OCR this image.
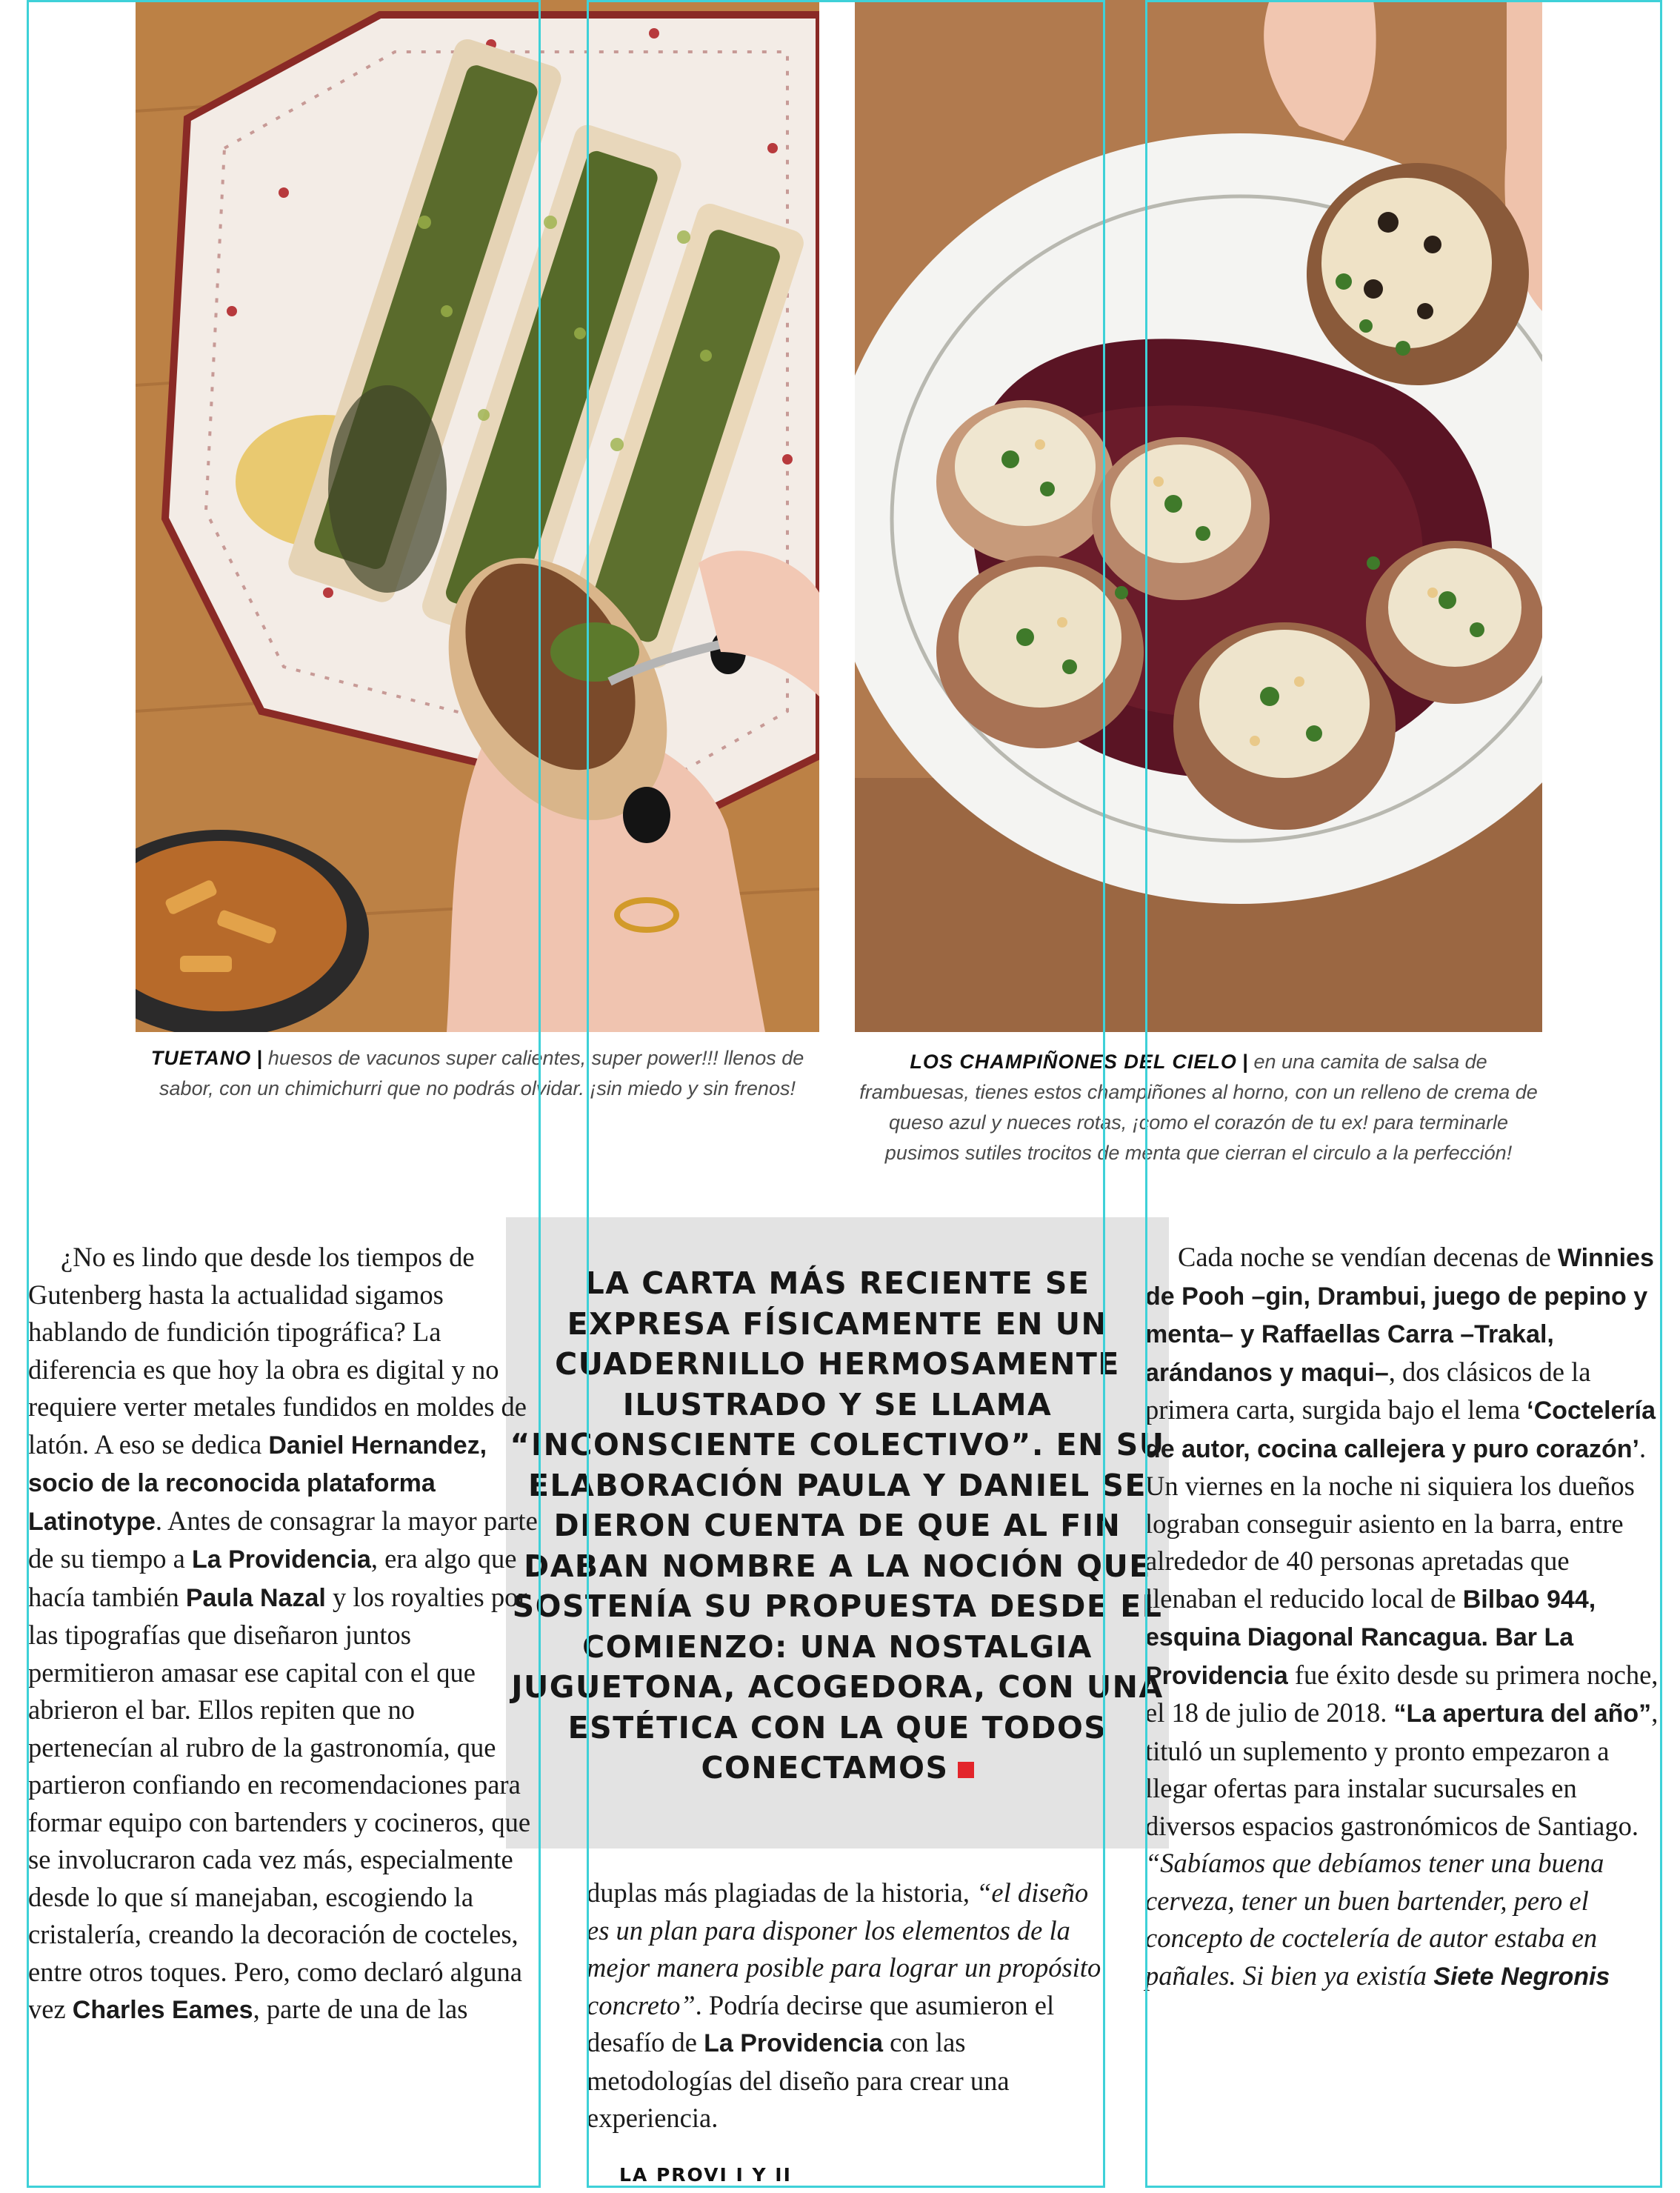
TUETANO | huesos de vacunos super calientes, super power!!! llenos de sabor, con un chimichurri que no podrás olvidar. ¡sin miedo y sin frenos!

LOS CHAMPIÑONES DEL CIELO | en una camita de salsa de frambuesas, tienes estos champiñones al horno, con un relleno de crema de queso azul y nueces rotas, ¡como el corazón de tu ex! para terminarle pusimos sutiles trocitos de menta que cierran el circulo a la perfección!

LA CARTA MÁS RECIENTE SE EXPRESA FÍSICAMENTE EN UN CUADERNILLO HERMOSAMENTE ILUSTRADO Y SE LLAMA “INCONSCIENTE COLECTIVO”. EN SU ELABORACIÓN PAULA Y DANIEL SE DIERON CUENTA DE QUE AL FIN DABAN NOMBRE A LA NOCIÓN QUE SOSTENÍA SU PROPUESTA DESDE EL COMIENZO: UNA NOSTALGIA JUGUETONA, ACOGEDORA, CON UNA ESTÉTICA CON LA QUE TODOS CONECTAMOS

¿No es lindo que desde los tiempos de Gutenberg hasta la actualidad sigamos hablando de fundición tipográfica? La diferencia es que hoy la obra es digital y no requiere verter metales fundidos en moldes de latón. A eso se dedica Daniel Hernandez, socio de la reconocida plataforma Latinotype. Antes de consagrar la mayor parte de su tiempo a La Providencia, era algo que hacía también Paula Nazal y los royalties por las tipografías que diseñaron juntos permitieron amasar ese capital con el que abrieron el bar. Ellos repiten que no pertenecían al rubro de la gastronomía, que partieron confiando en recomendaciones para formar equipo con bartenders y cocineros, que se involucraron cada vez más, especialmente desde lo que sí manejaban, escogiendo la cristalería, creando la decoración de cocteles, entre otros toques. Pero, como declaró alguna vez Charles Eames, parte de una de las

duplas más plagiadas de la historia, “el diseño es un plan para disponer los elementos de la mejor manera posible para lograr un propósito concreto”. Podría decirse que asumieron el desafío de La Providencia con las metodologías del diseño para crear una experiencia.

Cada noche se vendían decenas de Winnies de Pooh –gin, Drambui, juego de pepino y menta– y Raffaellas Carra –Trakal, arándanos y maqui–, dos clásicos de la primera carta, surgida bajo el lema ‘Coctelería de autor, cocina callejera y puro corazón’. Un viernes en la noche ni siquiera los dueños lograban conseguir asiento en la barra, entre alrededor de 40 personas apretadas que llenaban el reducido local de Bilbao 944, esquina Diagonal Rancagua. Bar La Providencia fue éxito desde su primera noche, el 18 de julio de 2018. “La apertura del año”, tituló un suplemento y pronto empezaron a llegar ofertas para instalar sucursales en diversos espacios gastronómicos de Santiago. “Sabíamos que debíamos tener una buena cerveza, tener un buen bartender, pero el concepto de coctelería de autor estaba en pañales. Si bien ya existía Siete Negronis

LA PROVI I Y II
